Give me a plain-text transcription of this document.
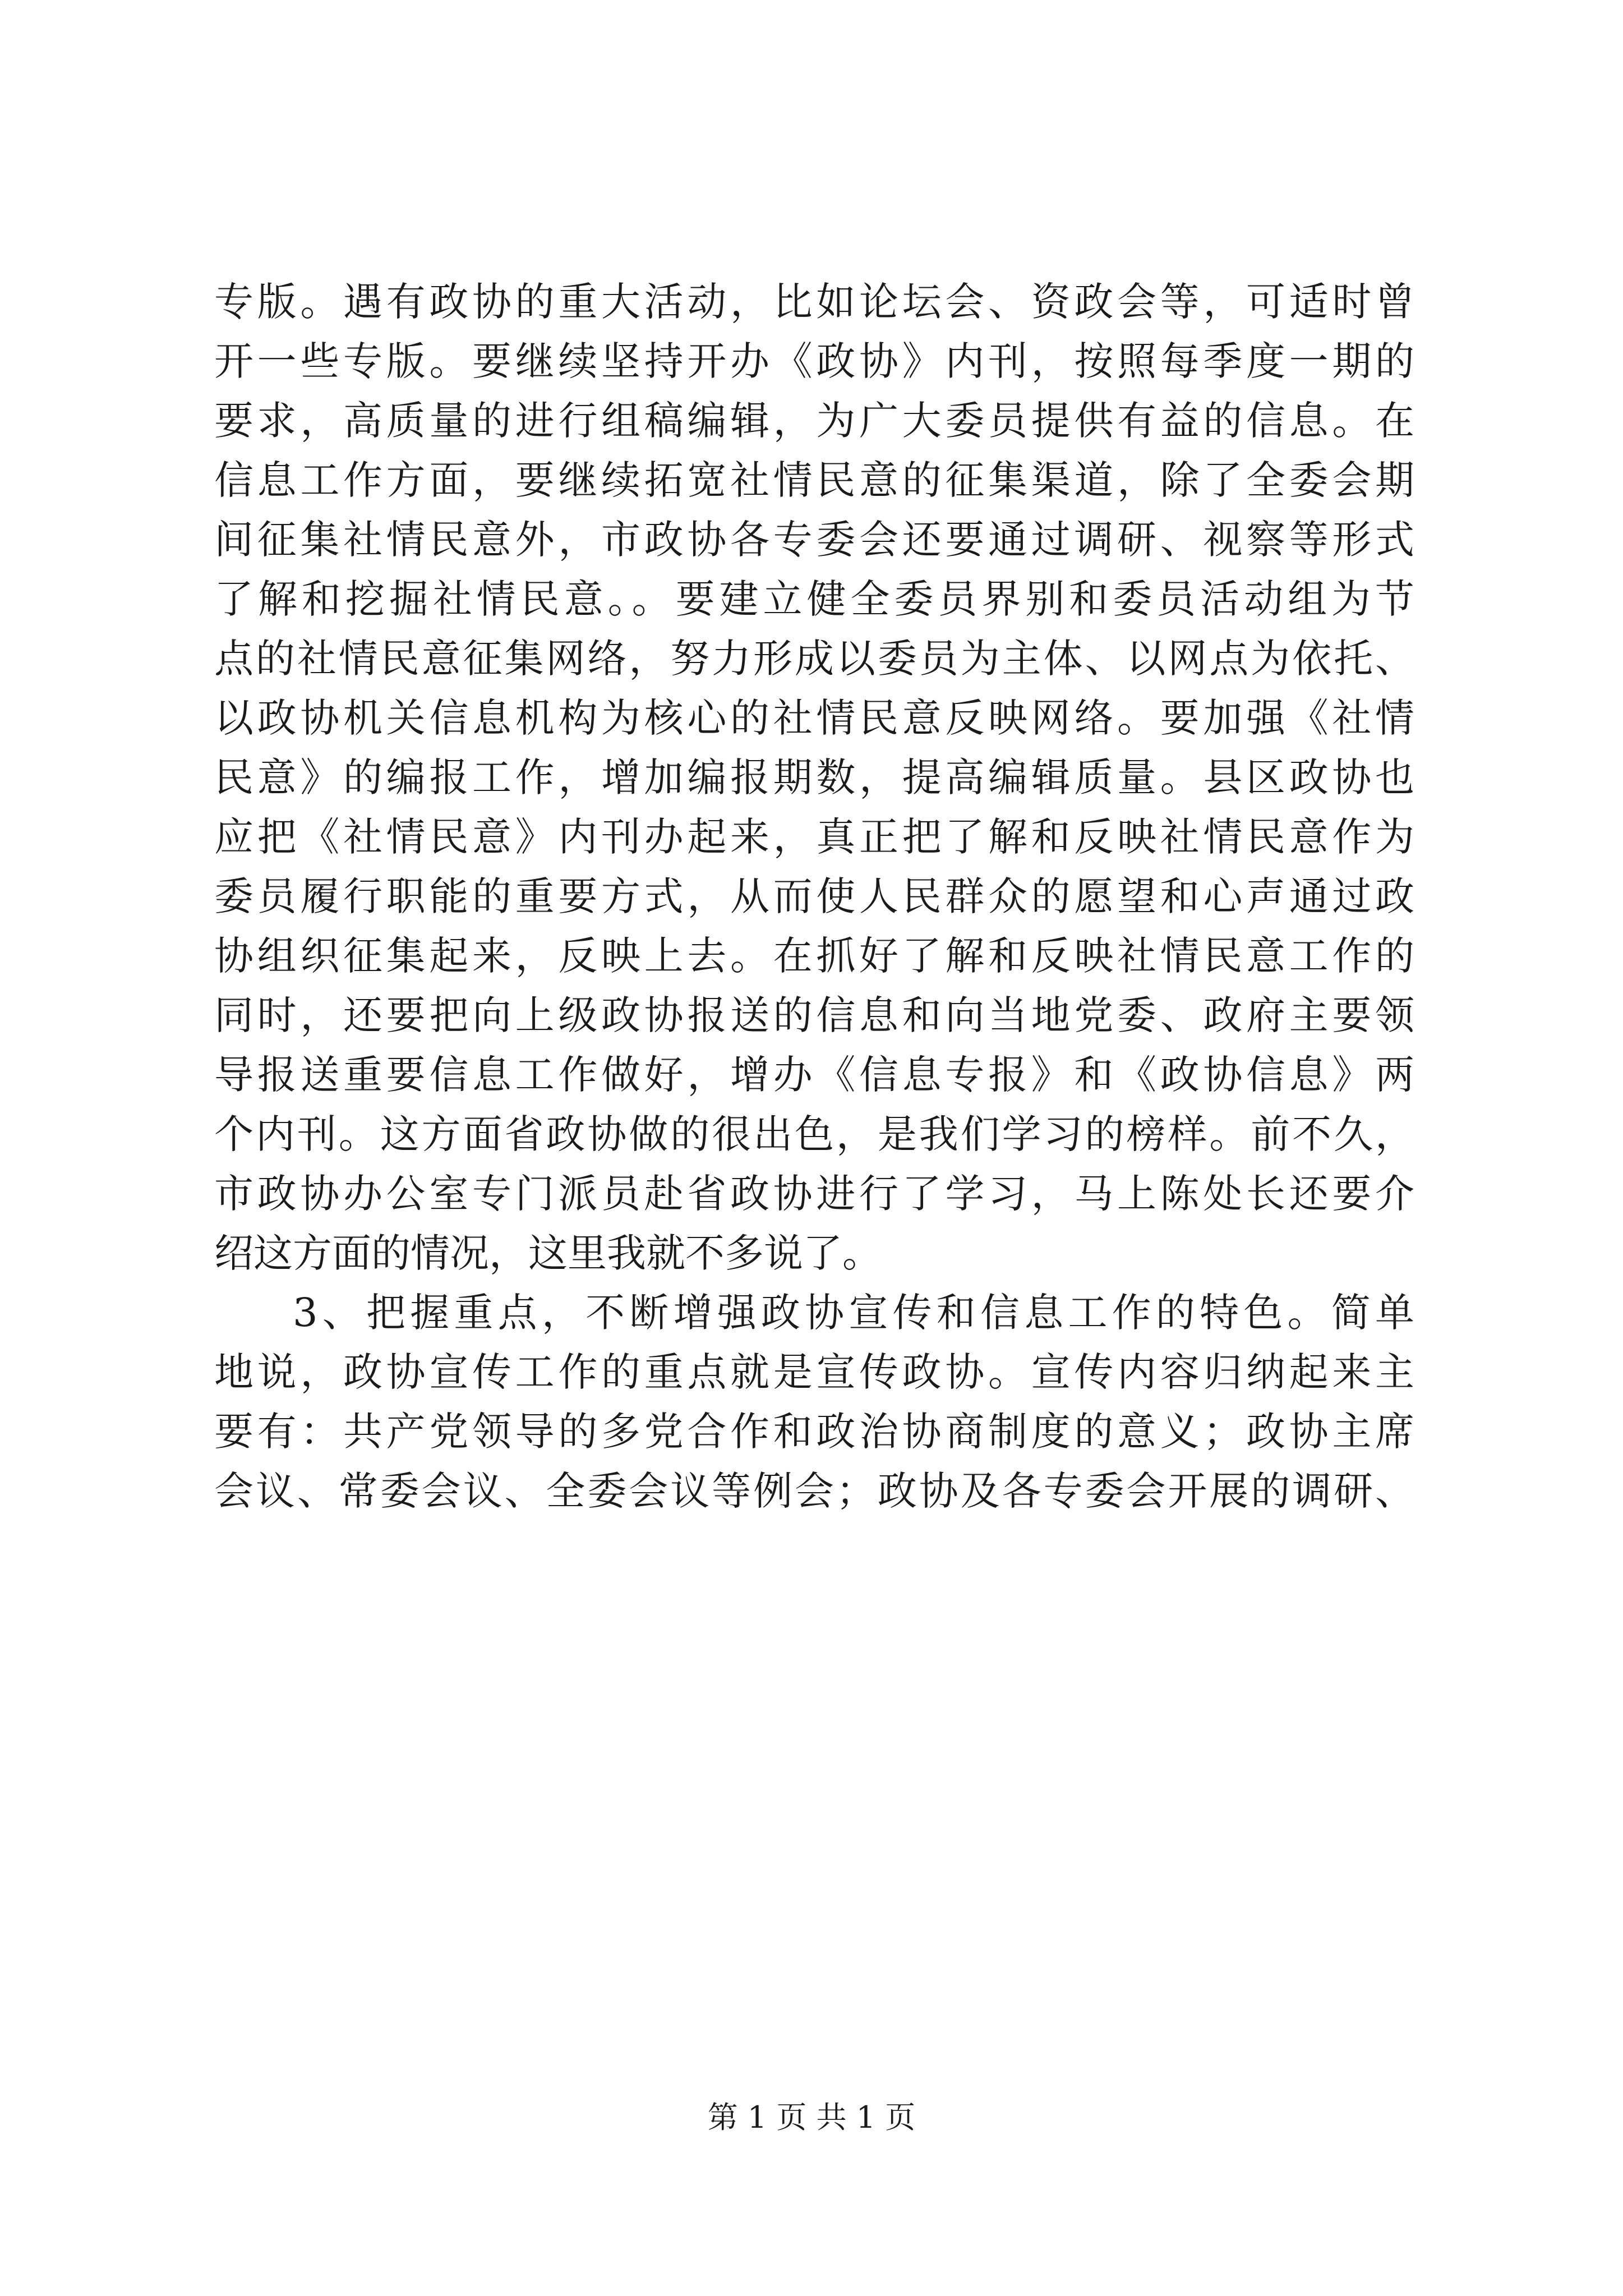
专版。遇有政协的重大活动，比如论坛会、资政会等，可适时曾
开一些专版。要继续坚持开办《政协》内刊，按照每季度一期的
要求，高质量的进行组稿编辑，为广大委员提供有益的信息。在
信息工作方面，要继续拓宽社情民意的征集渠道，除了全委会期
间征集社情民意外，市政协各专委会还要通过调研、视察等形式
了解和挖掘社情民意。。要建立健全委员界别和委员活动组为节
点的社情民意征集网络，努力形成以委员为主体、以网点为依托、
以政协机关信息机构为核心的社情民意反映网络。要加强《社情
民意》的编报工作，增加编报期数，提高编辑质量。县区政协也
应把《社情民意》内刊办起来，真正把了解和反映社情民意作为
委员履行职能的重要方式，从而使人民群众的愿望和心声通过政
协组织征集起来，反映上去。在抓好了解和反映社情民意工作的
同时，还要把向上级政协报送的信息和向当地党委、政府主要领
导报送重要信息工作做好，增办《信息专报》和《政协信息》两
个内刊。这方面省政协做的很出色，是我们学习的榜样。前不久，
市政协办公室专门派员赴省政协进行了学习，马上陈处长还要介
绍这方面的情况，这里我就不多说了。
3、把握重点，不断增强政协宣传和信息工作的特色。简单
地说，政协宣传工作的重点就是宣传政协。宣传内容归纳起来主
要有：共产党领导的多党合作和政治协商制度的意义；政协主席
会议、常委会议、全委会议等例会；政协及各专委会开展的调研、
第 1 页 共 1 页
